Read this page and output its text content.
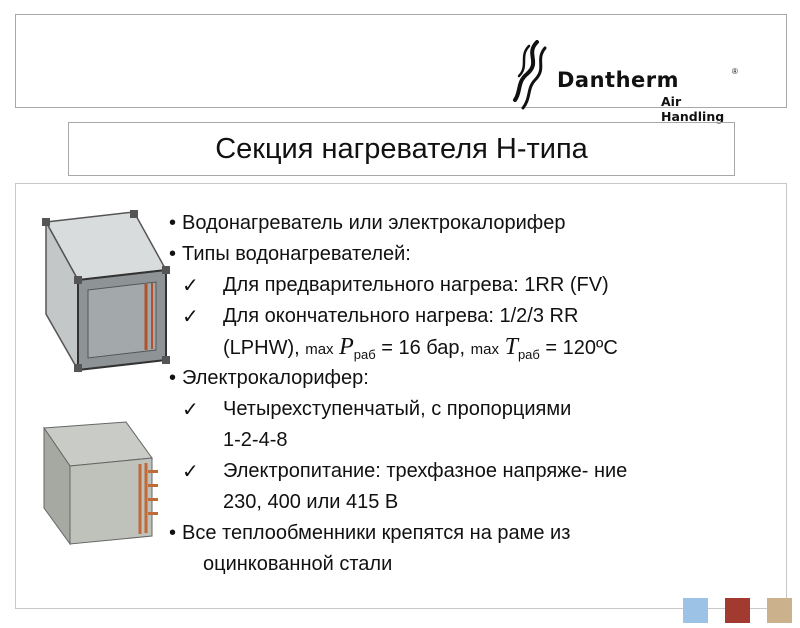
Dantherm	®
Air Handling
Секция нагревателя Н-типа
• Водонагреватель или электрокалорифер
• Типы водонагревателей:
✓ Для предварительного нагрева: 1RR (FV)
✓ Для окончательного нагрева: 1/2/3 RR
(LPHW), $\max P_{раб} = 16$ бар, $\max T_{раб}$ = 120ºC
• Электрокалорифер:
✓ Четырехступенчатый, с пропорциями
1-2-4-8
✓ Электропитание: трехфазное напряже- ние
230, 400 или 415 В
• Все теплообменники крепятся на раме из
оцинкованной стали
